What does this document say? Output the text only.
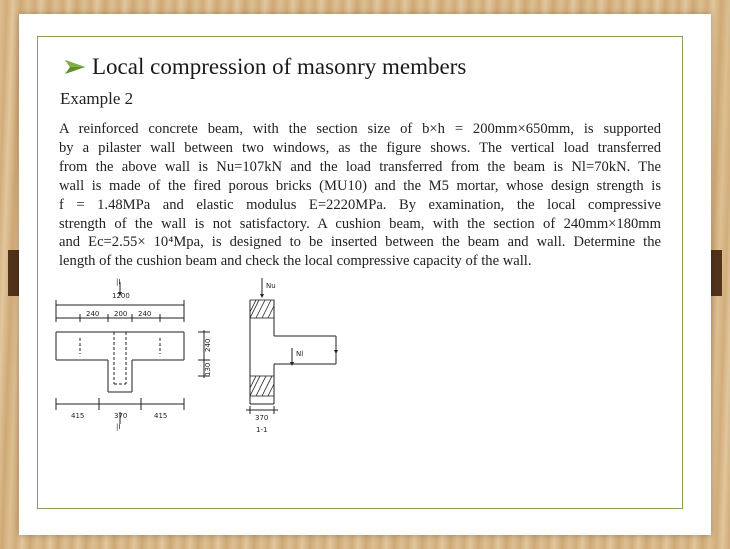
Local compression of masonry members
Example 2
A reinforced concrete beam, with the section size of b×h = 200mm×650mm, is supported
by a pilaster wall between two windows, as the figure shows. The vertical load transferred
from the above wall is Nu=107kN and the load transferred from the beam is Nl=70kN. The
wall is made of the fired porous bricks (MU10) and the M5 mortar, whose design strength is
f = 1.48MPa and elastic modulus E=2220MPa. By examination, the local compressive
strength of the wall is not satisfactory. A cushion beam, with the section of 240mm×180mm
and Ec=2.55× 10⁴Mpa, is designed to be inserted between the beam and wall. Determine the
length of the cushion beam and check the local compressive capacity of the wall.
|I
1200
240 200 240
415	370	415
|I
240
130
Nu
Nl
370
1-1
